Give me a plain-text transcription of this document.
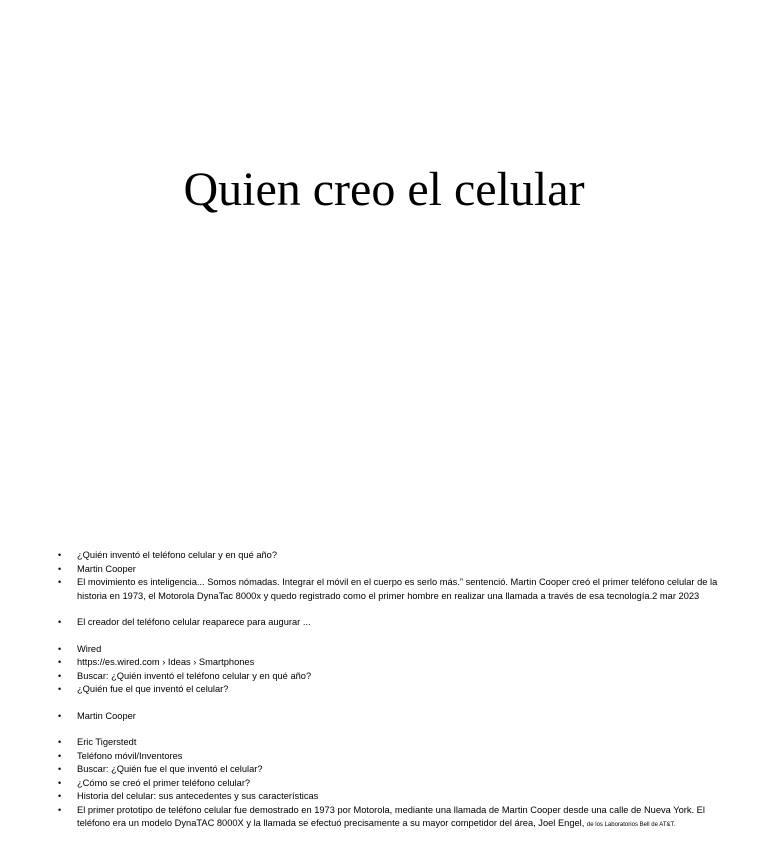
Quien creo el celular
• ¿Quién inventó el teléfono celular y en qué año?
• Martin Cooper
• El movimiento es inteligencia... Somos nómadas. Integrar el móvil en el cuerpo es serlo más.” sentenció. Martin Cooper creó el primer teléfono celular de la historia en 1973, el Motorola DynaTac 8000x y quedo registrado como el primer hombre en realizar una llamada a través de esa tecnología.2 mar 2023
• El creador del teléfono celular reaparece para augurar ...
• Wired
• https://es.wired.com › Ideas › Smartphones
• Buscar: ¿Quién inventó el teléfono celular y en qué año?
• ¿Quién fue el que inventó el celular?
• Martin Cooper
• Eric Tigerstedt
• Teléfono móvil/Inventores
• Buscar: ¿Quién fue el que inventó el celular?
• ¿Cómo se creó el primer teléfono celular?
• Historia del celular: sus antecedentes y sus características
• El primer prototipo de teléfono celular fue demostrado en 1973 por Motorola, mediante una llamada de Martin Cooper desde una calle de Nueva York. El teléfono era un modelo DynaTAC 8000X y la llamada se efectuó precisamente a su mayor competidor del área, Joel Engel, de los Laboratorios Bell de AT&T.
